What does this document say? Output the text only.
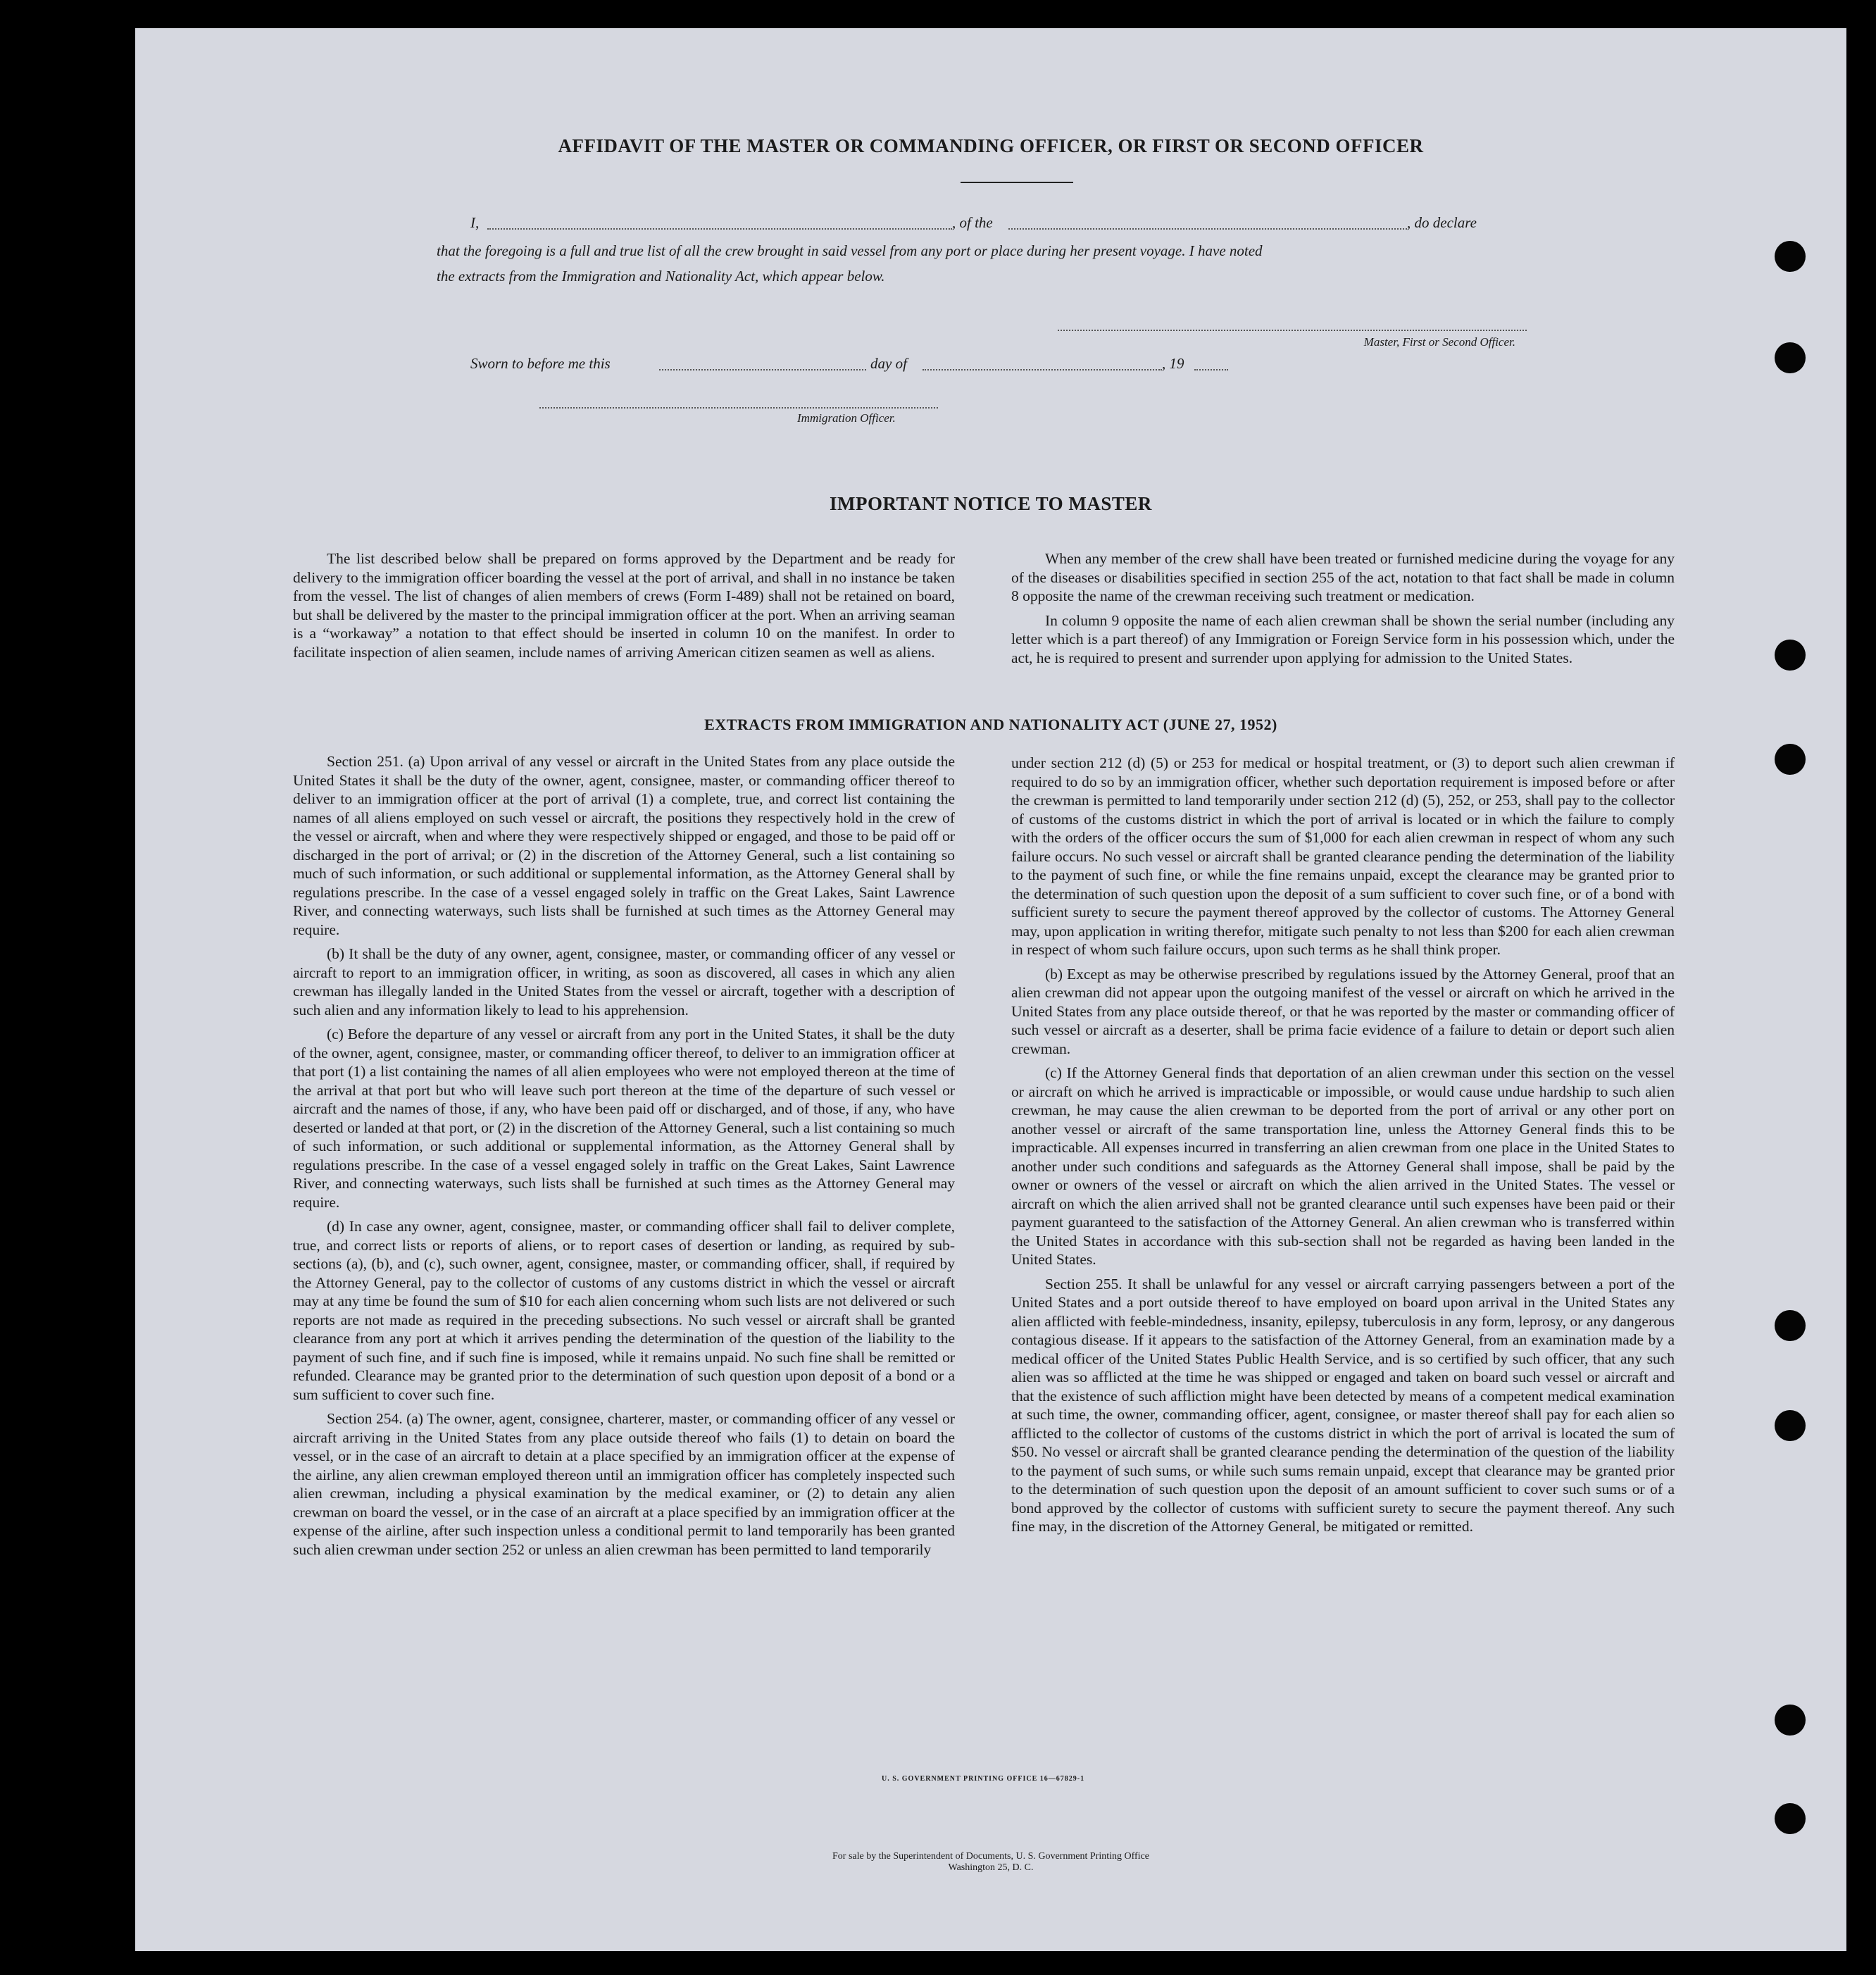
AFFIDAVIT OF THE MASTER OR COMMANDING OFFICER, OR FIRST OR SECOND OFFICER
I,	, of the	, do declare
that the foregoing is a full and true list of all the crew brought in said vessel from any port or place during her present voyage. I have noted
the extracts from the Immigration and Nationality Act, which appear below.
Master, First or Second Officer.
Sworn to before me this	day of	, 19
Immigration Officer.
IMPORTANT NOTICE TO MASTER

The list described below shall be prepared on forms approved by the Department and be ready for delivery to the immigration officer boarding the vessel at the port of arrival, and shall in no instance be taken from the vessel. The list of changes of alien members of crews (Form I-489) shall not be retained on board, but shall be delivered by the master to the principal immigration officer at the port. When an arriving seaman is a “workaway” a notation to that effect should be inserted in column 10 on the manifest. In order to facilitate inspection of alien seamen, include names of arriving American citizen seamen as well as aliens.

When any member of the crew shall have been treated or furnished medicine during the voyage for any of the diseases or disabilities specified in section 255 of the act, notation to that fact shall be made in column 8 opposite the name of the crewman receiving such treatment or medication.

In column 9 opposite the name of each alien crewman shall be shown the serial number (including any letter which is a part thereof) of any Immigration or Foreign Service form in his possession which, under the act, he is required to present and surrender upon applying for admission to the United States.

EXTRACTS FROM IMMIGRATION AND NATIONALITY ACT (JUNE 27, 1952)

Section 251. (a) Upon arrival of any vessel or aircraft in the United States from any place outside the United States it shall be the duty of the owner, agent, consignee, master, or commanding officer thereof to deliver to an immigration officer at the port of arrival (1) a complete, true, and correct list containing the names of all aliens employed on such vessel or aircraft, the positions they respectively hold in the crew of the vessel or aircraft, when and where they were respectively shipped or engaged, and those to be paid off or discharged in the port of arrival; or (2) in the discretion of the Attorney General, such a list containing so much of such information, or such additional or supplemental information, as the Attorney General shall by regulations prescribe. In the case of a vessel engaged solely in traffic on the Great Lakes, Saint Lawrence River, and connecting waterways, such lists shall be furnished at such times as the Attorney General may require.

(b) It shall be the duty of any owner, agent, consignee, master, or commanding officer of any vessel or aircraft to report to an immigration officer, in writing, as soon as discovered, all cases in which any alien crewman has illegally landed in the United States from the vessel or aircraft, together with a description of such alien and any information likely to lead to his apprehension.

(c) Before the departure of any vessel or aircraft from any port in the United States, it shall be the duty of the owner, agent, consignee, master, or commanding officer thereof, to deliver to an immigration officer at that port (1) a list containing the names of all alien employees who were not employed thereon at the time of the arrival at that port but who will leave such port thereon at the time of the departure of such vessel or aircraft and the names of those, if any, who have been paid off or discharged, and of those, if any, who have deserted or landed at that port, or (2) in the discretion of the Attorney General, such a list containing so much of such information, or such additional or supplemental information, as the Attorney General shall by regulations prescribe. In the case of a vessel engaged solely in traffic on the Great Lakes, Saint Lawrence River, and connecting waterways, such lists shall be furnished at such times as the Attorney General may require.

(d) In case any owner, agent, consignee, master, or commanding officer shall fail to deliver complete, true, and correct lists or reports of aliens, or to report cases of desertion or landing, as required by sub-sections (a), (b), and (c), such owner, agent, consignee, master, or commanding officer, shall, if required by the Attorney General, pay to the collector of customs of any customs district in which the vessel or aircraft may at any time be found the sum of $10 for each alien concerning whom such lists are not delivered or such reports are not made as required in the preceding subsections. No such vessel or aircraft shall be granted clearance from any port at which it arrives pending the determination of the question of the liability to the payment of such fine, and if such fine is imposed, while it remains unpaid. No such fine shall be remitted or refunded. Clearance may be granted prior to the determination of such question upon deposit of a bond or a sum sufficient to cover such fine.

Section 254. (a) The owner, agent, consignee, charterer, master, or commanding officer of any vessel or aircraft arriving in the United States from any place outside thereof who fails (1) to detain on board the vessel, or in the case of an aircraft to detain at a place specified by an immigration officer at the expense of the airline, any alien crewman employed thereon until an immigration officer has completely inspected such alien crewman, including a physical examination by the medical examiner, or (2) to detain any alien crewman on board the vessel, or in the case of an aircraft at a place specified by an immigration officer at the expense of the airline, after such inspection unless a conditional permit to land temporarily has been granted such alien crewman under section 252 or unless an alien crewman has been permitted to land temporarily

under section 212 (d) (5) or 253 for medical or hospital treatment, or (3) to deport such alien crewman if required to do so by an immigration officer, whether such deportation requirement is imposed before or after the crewman is permitted to land temporarily under section 212 (d) (5), 252, or 253, shall pay to the collector of customs of the customs district in which the port of arrival is located or in which the failure to comply with the orders of the officer occurs the sum of $1,000 for each alien crewman in respect of whom any such failure occurs. No such vessel or aircraft shall be granted clearance pending the determination of the liability to the payment of such fine, or while the fine remains unpaid, except the clearance may be granted prior to the determination of such question upon the deposit of a sum sufficient to cover such fine, or of a bond with sufficient surety to secure the payment thereof approved by the collector of customs. The Attorney General may, upon application in writing therefor, mitigate such penalty to not less than $200 for each alien crewman in respect of whom such failure occurs, upon such terms as he shall think proper.

(b) Except as may be otherwise prescribed by regulations issued by the Attorney General, proof that an alien crewman did not appear upon the outgoing manifest of the vessel or aircraft on which he arrived in the United States from any place outside thereof, or that he was reported by the master or commanding officer of such vessel or aircraft as a deserter, shall be prima facie evidence of a failure to detain or deport such alien crewman.

(c) If the Attorney General finds that deportation of an alien crewman under this section on the vessel or aircraft on which he arrived is impracticable or impossible, or would cause undue hardship to such alien crewman, he may cause the alien crewman to be deported from the port of arrival or any other port on another vessel or aircraft of the same transportation line, unless the Attorney General finds this to be impracticable. All expenses incurred in transferring an alien crewman from one place in the United States to another under such conditions and safeguards as the Attorney General shall impose, shall be paid by the owner or owners of the vessel or aircraft on which the alien arrived in the United States. The vessel or aircraft on which the alien arrived shall not be granted clearance until such expenses have been paid or their payment guaranteed to the satisfaction of the Attorney General. An alien crewman who is transferred within the United States in accordance with this sub-section shall not be regarded as having been landed in the United States.

Section 255. It shall be unlawful for any vessel or aircraft carrying passengers between a port of the United States and a port outside thereof to have employed on board upon arrival in the United States any alien afflicted with feeble-mindedness, insanity, epilepsy, tuberculosis in any form, leprosy, or any dangerous contagious disease. If it appears to the satisfaction of the Attorney General, from an examination made by a medical officer of the United States Public Health Service, and is so certified by such officer, that any such alien was so afflicted at the time he was shipped or engaged and taken on board such vessel or aircraft and that the existence of such affliction might have been detected by means of a competent medical examination at such time, the owner, commanding officer, agent, consignee, or master thereof shall pay for each alien so afflicted to the collector of customs of the customs district in which the port of arrival is located the sum of $50. No vessel or aircraft shall be granted clearance pending the determination of the question of the liability to the payment of such sums, or while such sums remain unpaid, except that clearance may be granted prior to the determination of such question upon the deposit of an amount sufficient to cover such sums or of a bond approved by the collector of customs with sufficient surety to secure the payment thereof. Any such fine may, in the discretion of the Attorney General, be mitigated or remitted.

U. S. GOVERNMENT PRINTING OFFICE 16—67829-1
For sale by the Superintendent of Documents, U. S. Government Printing Office
Washington 25, D. C.
